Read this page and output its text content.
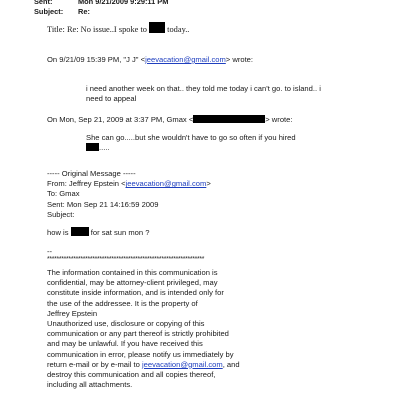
Sent:	Mon 9/21/2009 9:29:11 PM
Subject: Re:
Title: Re: No issue..I spoke to today..
On 9/21/09 15:39 PM, "J J" <jeevacation@gmail.com> wrote:
i need another week on that.. they told me today i can't go. to island.. i
need to appeal
On Mon, Sep 21, 2009 at 3:37 PM, Gmax <	> wrote:
She can go.....but she wouldn't have to go so often if you hired
.....
----- Original Message -----
From: Jeffrey Epstein <jeevacation@gmail.com>
To: Gmax
Sent: Mon Sep 21 14:16:59 2009
Subject:
how is	for sat sun mon ?
--
******************************************************************
The information contained in this communication is
confidential, may be attorney-client privileged, may
constitute inside information, and is intended only for
the use of the addressee. It is the property of
Jeffrey Epstein
Unauthorized use, disclosure or copying of this
communication or any part thereof is strictly prohibited
and may be unlawful. If you have received this
communication in error, please notify us immediately by
return e-mail or by e-mail to jeevacation@gmail.com, and
destroy this communication and all copies thereof,
including all attachments.
